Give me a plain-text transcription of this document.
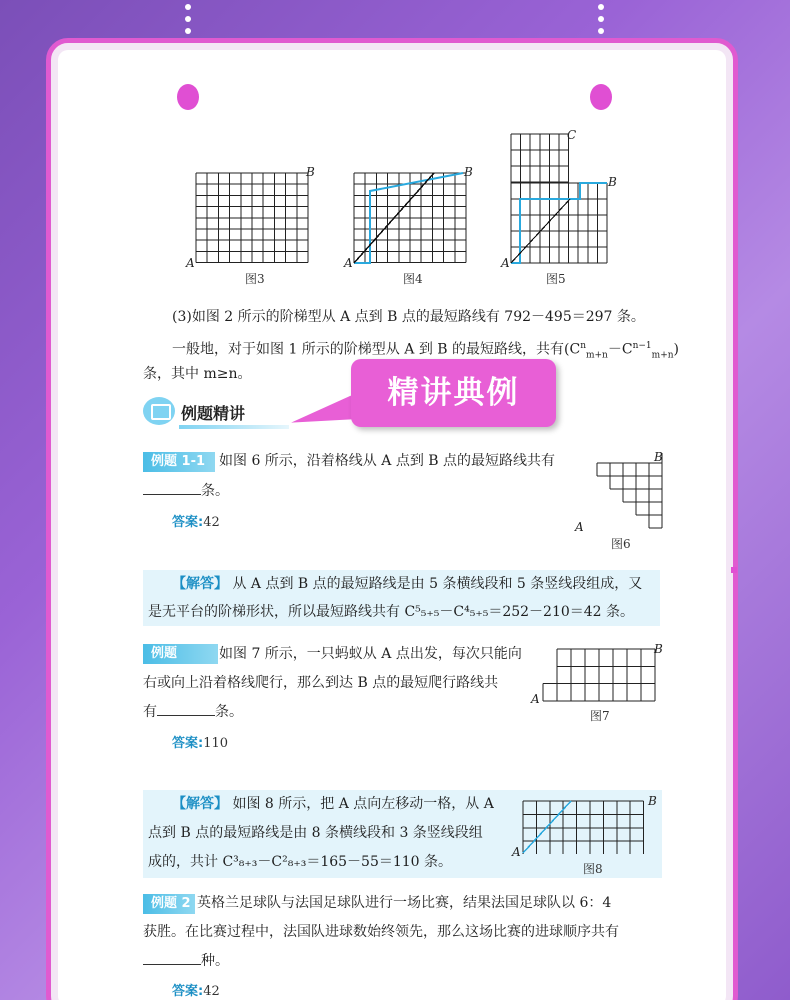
A
B
图3
A
B
图4
A
B
C
图5
(3)如图 2 所示的阶梯型从 A 点到 B 点的最短路线有 792－495＝297 条。
一般地，对于如图 1 所示的阶梯型从 A 到 B 的最短路线，共有$(C^n_{m+n}-C^{n-1}_{m+n})$
条，其中 m≥n。
精讲典例
例题精讲
例题 1-1 如图 6 所示，沿着格线从 A 点到 B 点的最短路线共有
条。
答案:42	A
B
图6
【解答】 从 A 点到 B 点的最短路线是由 5 条横线段和 5 条竖线段组成，又
是无平台的阶梯形状，所以最短路线共有 C⁵₅₊₅－C⁴₅₊₅＝252－210＝42 条。
例题	如图 7 所示，一只蚂蚁从 A 点出发，每次只能向
右或向上沿着格线爬行，那么到达 B 点的最短爬行路线共
有	条。
答案:110
A
B
图7
【解答】 如图 8 所示，把 A 点向左移动一格，从 A
点到 B 点的最短路线是由 8 条横线段和 3 条竖线段组
成的，共计 C³₈₊₃－C²₈₊₃＝165－55＝110 条。
A
B
图8
例题 2 英格兰足球队与法国足球队进行一场比赛，结果法国足球队以 6：4
获胜。在比赛过程中，法国队进球数始终领先，那么这场比赛的进球顺序共有
种。
答案:42
